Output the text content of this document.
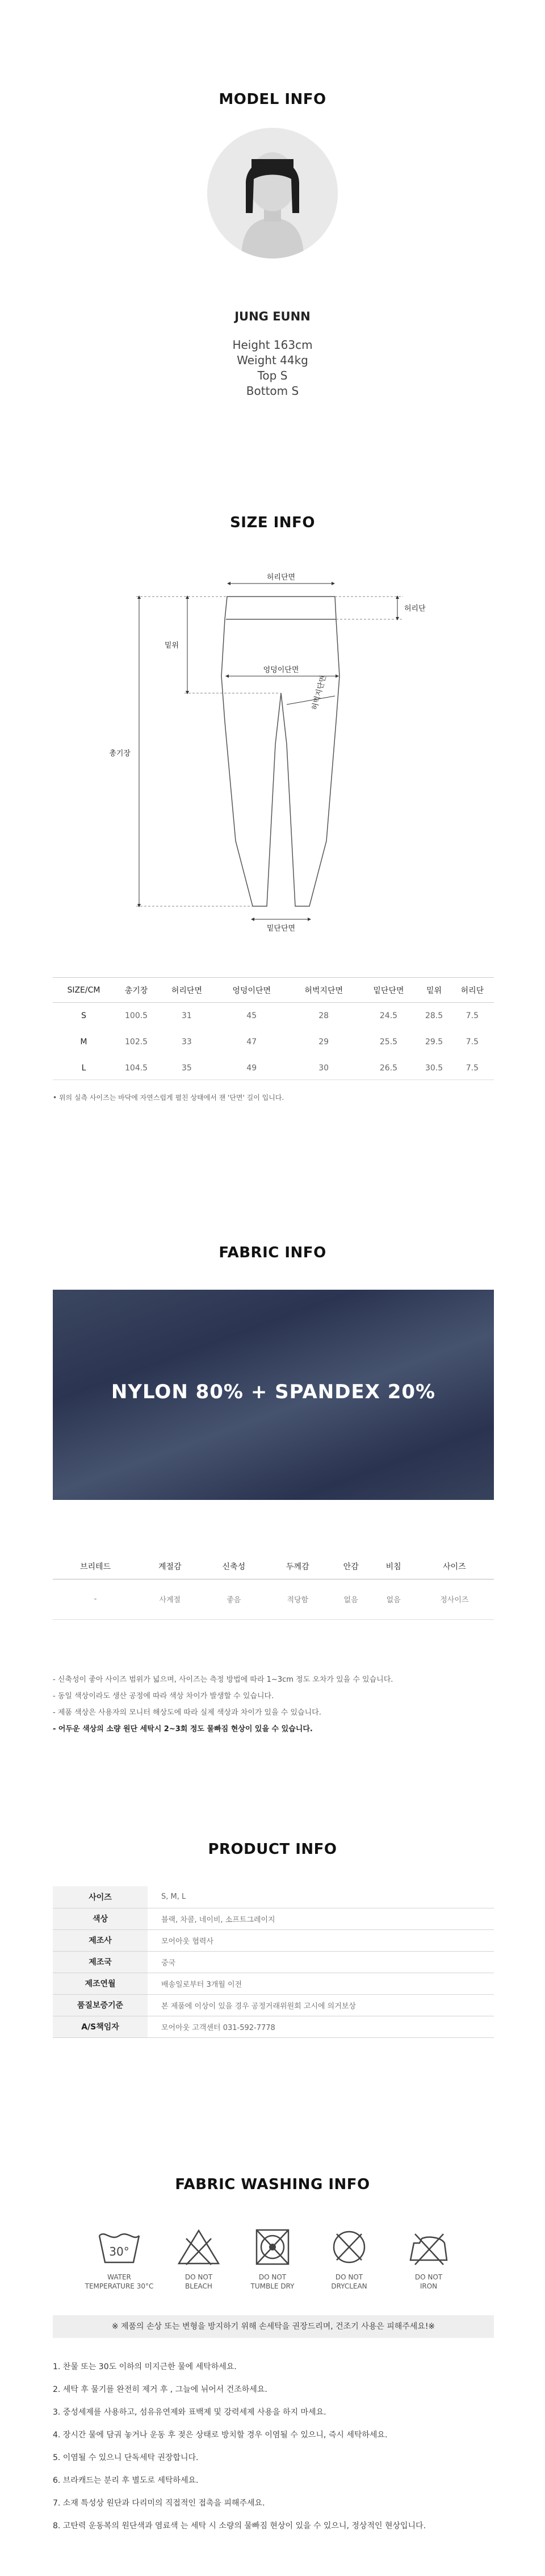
MODEL INFO
JUNG EUNN
Height 163cm
Weight 44kg
Top S
Bottom S
SIZE INFO
허리단면
엉덩이단면
허벅지단면
밑단단면
밑위
총기장
허리단
SIZE/CM	총기장	허리단면	엉덩이단면	허벅지단면	밑단단면	밑위	허리단
S	100.5	31	45	28	24.5	28.5	7.5
M	102.5	33	47	29	25.5	29.5	7.5
L	104.5	35	49	30	26.5	30.5	7.5
• 위의 실측 사이즈는 바닥에 자연스럽게 펼친 상태에서 잰 '단면' 길이 입니다.
FABRIC INFO
NYLON 80% + SPANDEX 20%
브리테드	계절감	신축성	두께감	안감	비침	사이즈
-	사계절	좋음	적당함	없음	없음	정사이즈
- 신축성이 좋아 사이즈 범위가 넓으며, 사이즈는 측정 방법에 따라 1~3cm 정도 오차가 있을 수 있습니다.
- 동일 색상이라도 생산 공정에 따라 색상 차이가 발생할 수 있습니다.
- 제품 색상은 사용자의 모니터 해상도에 따라 실제 색상과 차이가 있을 수 있습니다.
- 어두운 색상의 소량 원단 세탁시 2~3회 정도 물빠짐 현상이 있을 수 있습니다.
PRODUCT INFO
사이즈	S, M, L
색상	블랙, 차콜, 네이비, 소프트그레이지
제조사	모어아웃 협력사
제조국	중국
제조연월	배송일로부터 3개월 이전
품질보증기준	본 제품에 이상이 있을 경우 공정거래위원회 고시에 의거보상
A/S책임자	모어아웃 고객센터 031-592-7778
FABRIC WASHING INFO
30°
WATER
TEMPERATURE 30°C
DO NOT
BLEACH
DO NOT
TUMBLE DRY
DO NOT
DRYCLEAN
DO NOT
IRON
※ 제품의 손상 또는 변형을 방지하기 위해 손세탁을 권장드리며, 건조기 사용은 피해주세요!※
1. 찬물 또는 30도 이하의 미지근한 물에 세탁하세요.
2. 세탁 후 물기를 완전히 제거 후 , 그늘에 뉘어서 건조하세요.
3. 중성세제를 사용하고, 섬유유연제와 표백제 및 강력세제 사용을 하지 마세요.
4. 장시간 물에 담궈 놓거나 운동 후 젖은 상태로 방치할 경우 이염될 수 있으니, 즉시 세탁하세요.
5. 이염될 수 있으니 단독세탁 권장합니다.
6. 브라캐드는 분리 후 별도로 세탁하세요.
7. 소재 특성상 원단과 다리미의 직접적인 접촉을 피해주세요.
8. 고탄력 운동복의 원단색과 염료색 는 세탁 시 소량의 물빠짐 현상이 있을 수 있으니, 정상적인 현상입니다.
